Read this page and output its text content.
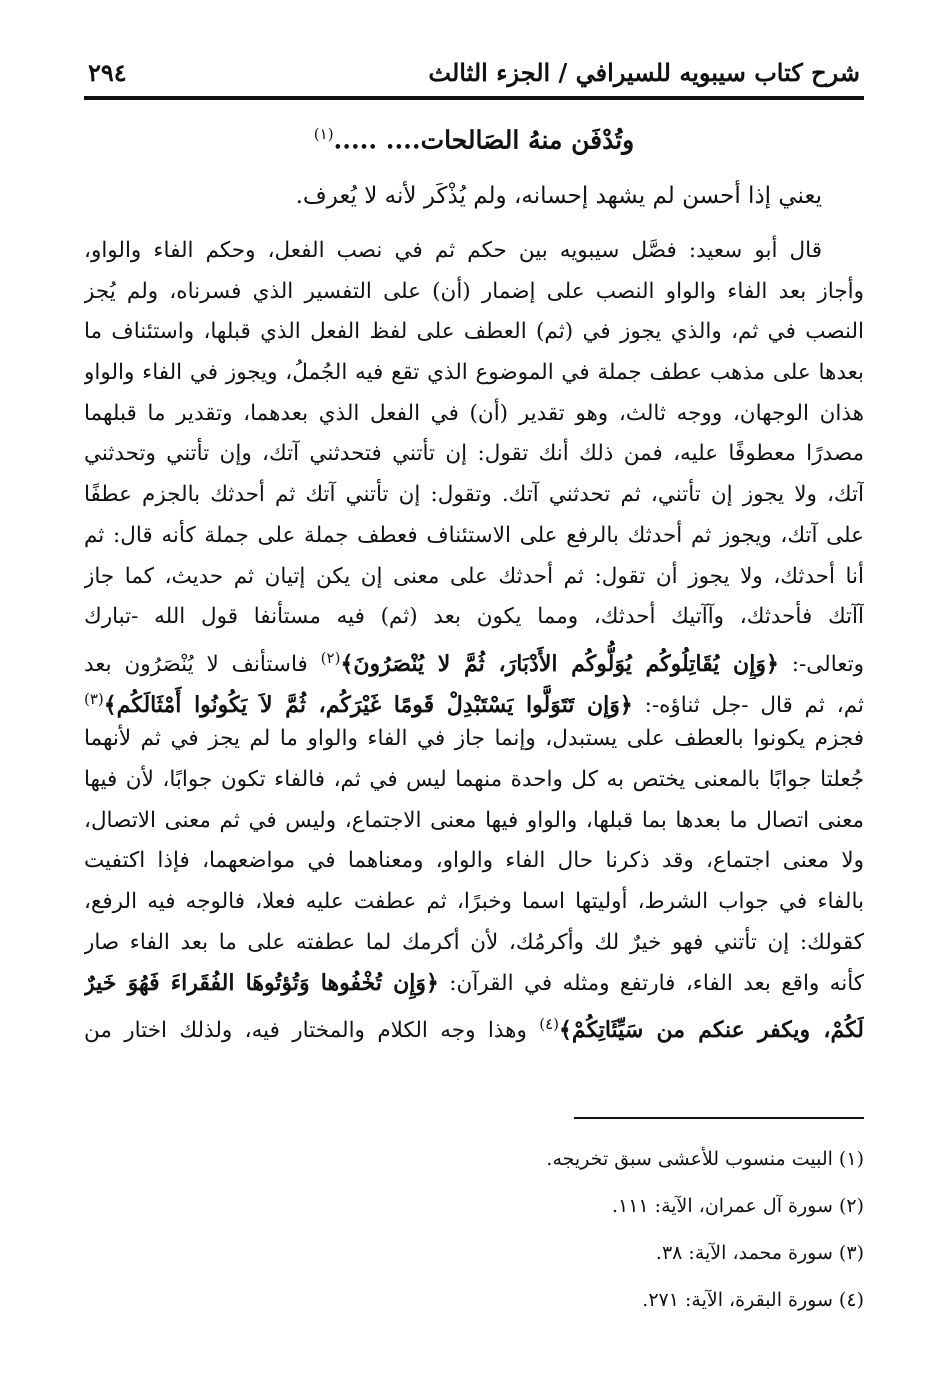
شرح كتاب سيبويه للسيرافي / الجزء الثالث
٢٩٤
وتُدْفَن منهُ الصَالحات.... .....$^{(١)}$
يعني إذا أحسن لم يشهد إحسانه، ولم يُذْكَر لأنه لا يُعرف.
قال أبو سعيد: فصَّل سيبويه بين حكم ثم في نصب الفعل، وحكم الفاء والواو،
وأجاز بعد الفاء والواو النصب على إضمار (أن) على التفسير الذي فسرناه، ولم يُجز
النصب في ثم، والذي يجوز في (ثم) العطف على لفظ الفعل الذي قبلها، واستئناف ما
بعدها على مذهب عطف جملة في الموضوع الذي تقع فيه الجُملُ، ويجوز في الفاء والواو
هذان الوجهان، ووجه ثالث، وهو تقدير (أن) في الفعل الذي بعدهما، وتقدير ما قبلهما
مصدرًا معطوفًا عليه، فمن ذلك أنك تقول: إن تأتني فتحدثني آتك، وإن تأتني وتحدثني
آتك، ولا يجوز إن تأتني، ثم تحدثني آتك. وتقول: إن تأتني آتك ثم أحدثك بالجزم عطفًا
على آتك، ويجوز ثم أحدثك بالرفع على الاستئناف فعطف جملة على جملة كأنه قال: ثم
أنا أحدثك، ولا يجوز أن تقول: ثم أحدثك على معنى إن يكن إتيان ثم حديث، كما جاز
آآتك فأحدثك، وآآتيك أحدثك، ومما يكون بعد (ثم) فيه مستأنفا قول الله -تبارك
وتعالى-: ﴿وَإِن يُقَاتِلُوكُم يُوَلُّوكُم الأَدْبَارَ، ثُمَّ لا يُنْصَرُونَ﴾$^{(٢)}$ فاستأنف لا يُنْصَرُون بعد
ثم، ثم قال -جل ثناؤه-: ﴿وَإِن تَتَوَلَّوا يَسْتَبْدِلْ قَومًا غَيْرَكُم، ثُمَّ لاَ يَكُونُوا أَمْثَالَكُم﴾$^{(٣)}$
فجزم يكونوا بالعطف على يستبدل، وإنما جاز في الفاء والواو ما لم يجز في ثم لأنهما
جُعلتا جوابًا بالمعنى يختص به كل واحدة منهما ليس في ثم، فالفاء تكون جوابًا، لأن فيها
معنى اتصال ما بعدها بما قبلها، والواو فيها معنى الاجتماع، وليس في ثم معنى الاتصال،
ولا معنى اجتماع، وقد ذكرنا حال الفاء والواو، ومعناهما في مواضعهما، فإذا اكتفيت
بالفاء في جواب الشرط، أوليتها اسما وخبرًا، ثم عطفت عليه فعلا، فالوجه فيه الرفع،
كقولك: إن تأتني فهو خيرٌ لك وأكرمُك، لأن أكرمك لما عطفته على ما بعد الفاء صار
كأنه واقع بعد الفاء، فارتفع ومثله في القرآن: ﴿وَإِن تُخْفُوها وَتُؤتُوهَا الفُقَراءَ فَهُوَ خَيرٌ
لَكُمْ، ويكفر عنكم من سَيِّئَاتِكُمْ﴾$^{(٤)}$ وهذا وجه الكلام والمختار فيه، ولذلك اختار من
(١) البيت منسوب للأعشى سبق تخريجه.
(٢) سورة آل عمران، الآية: ١١١.
(٣) سورة محمد، الآية: ٣٨.
(٤) سورة البقرة، الآية: ٢٧١.
